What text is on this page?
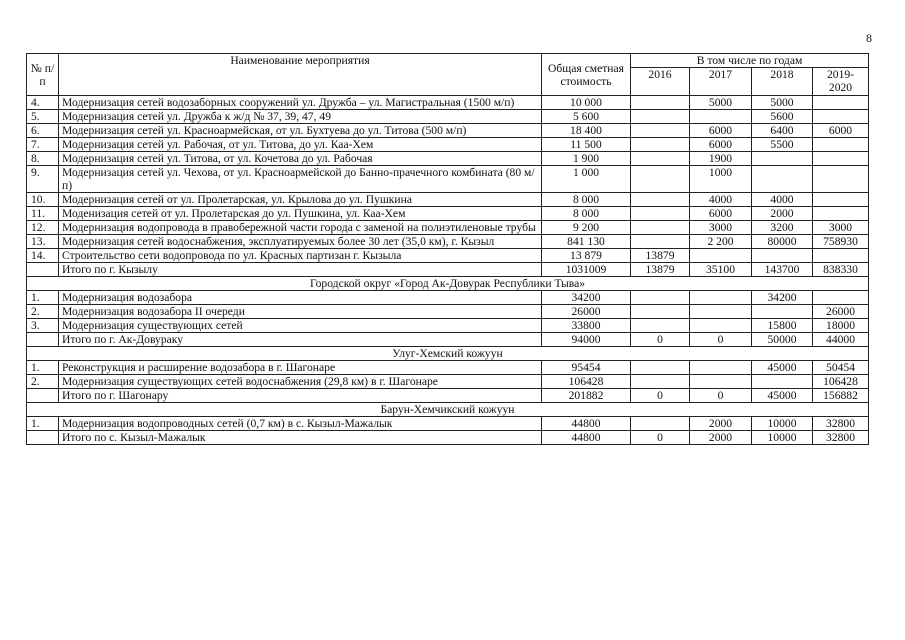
8
№ п/п	Наименование мероприятия	Общая сметная стоимость	В том числе по годам			
			2016	2017	2018	2019-2020
4.	Модернизация сетей водозаборных сооружений ул. Дружба – ул. Магистральная (1500 м/п)	10 000		5000	5000	
5.	Модернизация сетей ул. Дружба к ж/д № 37, 39, 47, 49	5 600			5600	
6.	Модернизация сетей ул. Красноармейская, от ул. Бухтуева до ул. Титова (500 м/п)	18 400		6000	6400	6000
7.	Модернизация сетей ул. Рабочая, от ул. Титова, до ул. Каа-Хем	11 500		6000	5500	
8.	Модернизация сетей ул. Титова, от ул. Кочетова до ул. Рабочая	1 900		1900		
9.	Модернизация сетей ул. Чехова, от ул. Красноармейской до Банно-прачечного комбината (80 м/п)	1 000		1000		
10.	Модернизация сетей от ул. Пролетарская, ул. Крылова до ул. Пушкина	8 000		4000	4000	
11.	Моденизация сетей от ул. Пролетарская до ул. Пушкина, ул. Каа-Хем	8 000		6000	2000	
12.	Модернизация водопровода в правобережной части города с заменой на полиэтиленовые трубы	9 200		3000	3200	3000
13.	Модернизация сетей водоснабжения, эксплуатируемых более 30 лет (35,0 км), г. Кызыл	841 130		2 200	80000	758930
14.	Строительство сети водопровода по ул. Красных партизан г. Кызыла	13 879	13879			
	Итого по г. Кызылу	1031009	13879	35100	143700	838330
Городской округ «Город Ак-Довурак Республики Тыва»						
1.	Модернизация водозабора	34200			34200	
2.	Модернизация водозабора II очереди	26000				26000
3.	Модернизация существующих сетей	33800			15800	18000
	Итого по г. Ак-Довураку	94000	0	0	50000	44000
Улуг-Хемский кожуун						
1.	Реконструкция и расширение водозабора в г. Шагонаре	95454			45000	50454
2.	Модернизация существующих сетей водоснабжения (29,8 км) в г. Шагонаре	106428				106428
	Итого по г. Шагонару	201882	0	0	45000	156882
Барун-Хемчикский кожуун						
1.	Модернизация водопроводных сетей (0,7 км) в с. Кызыл-Мажалык	44800		2000	10000	32800
	Итого по с. Кызыл-Мажалык	44800	0	2000	10000	32800
